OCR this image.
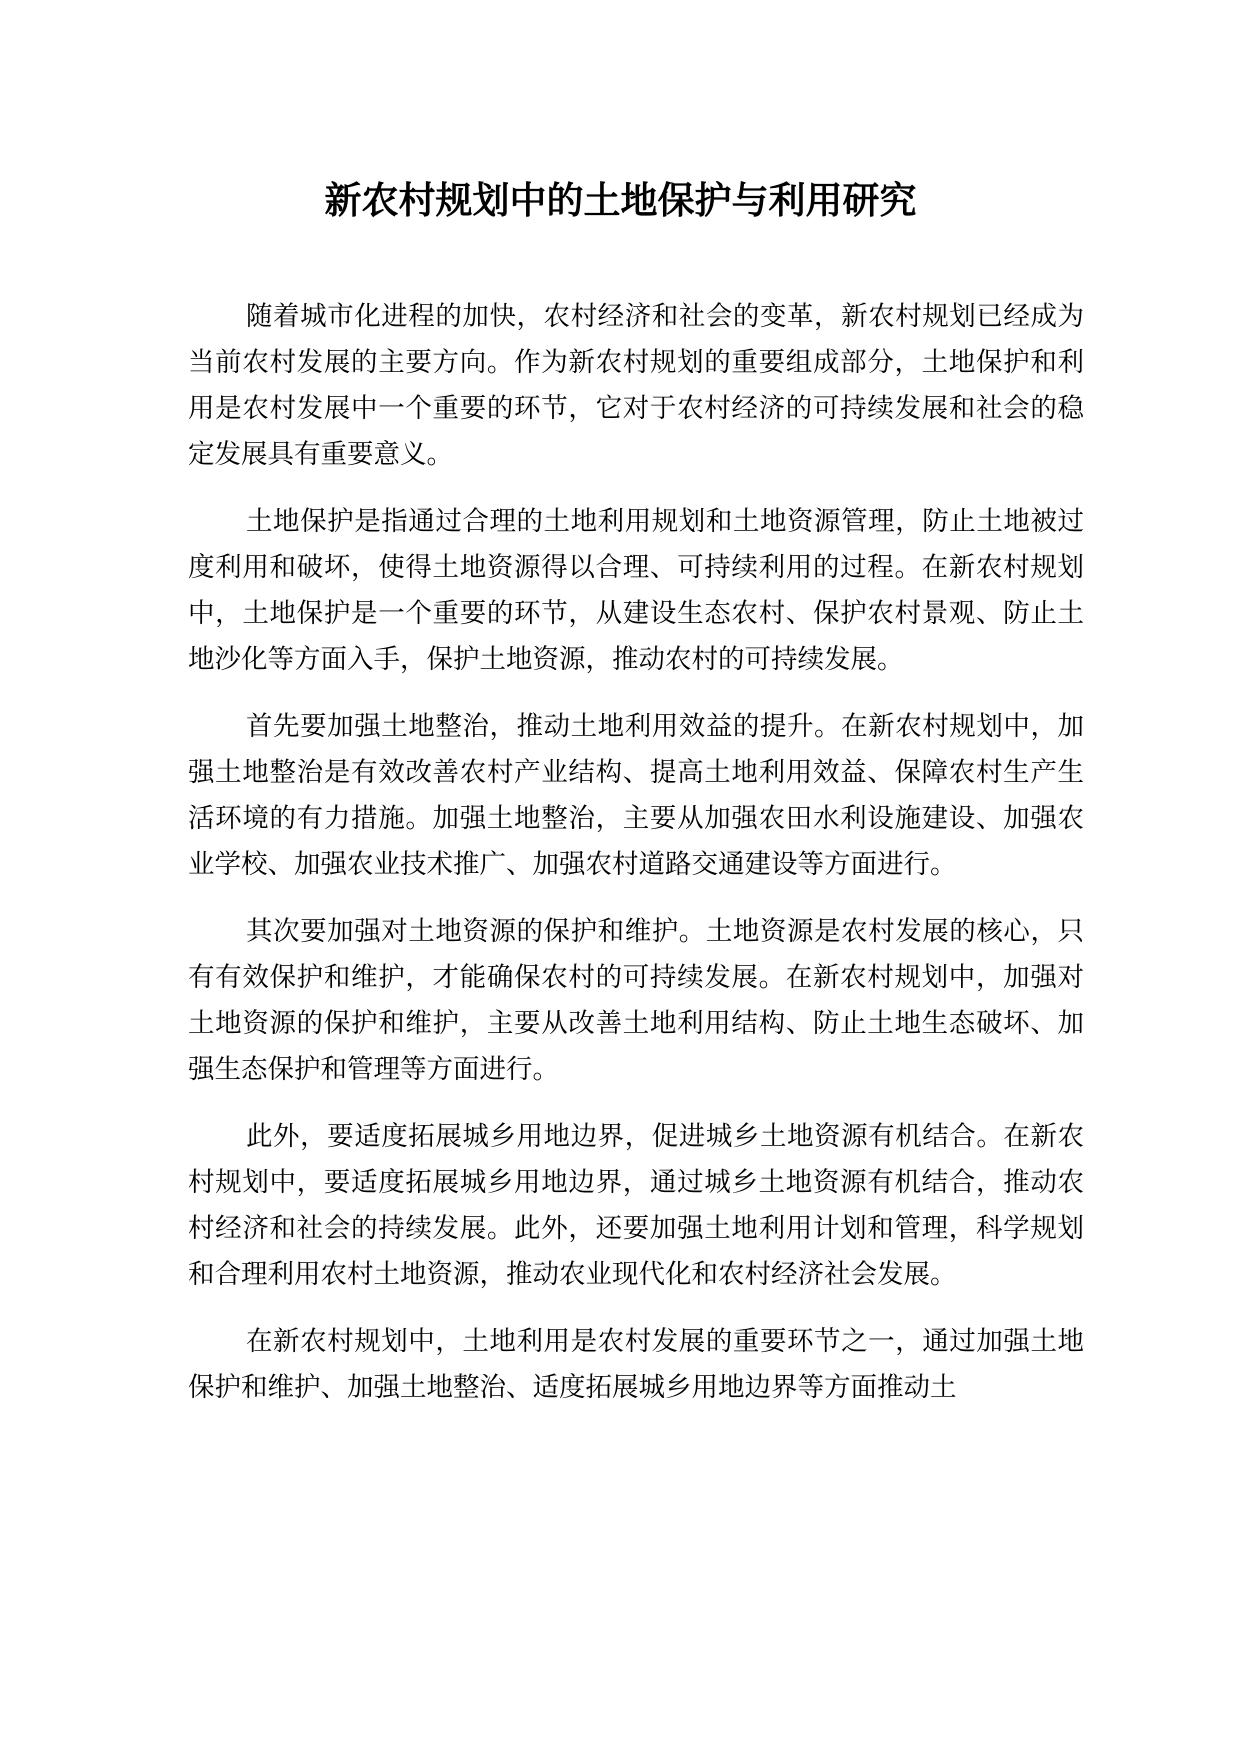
新农村规划中的土地保护与利用研究

随着城市化进程的加快，农村经济和社会的变革，新农村规划已经成为当前农村发展的主要方向。作为新农村规划的重要组成部分，土地保护和利用是农村发展中一个重要的环节，它对于农村经济的可持续发展和社会的稳定发展具有重要意义。

土地保护是指通过合理的土地利用规划和土地资源管理，防止土地被过度利用和破坏，使得土地资源得以合理、可持续利用的过程。在新农村规划中，土地保护是一个重要的环节，从建设生态农村、保护农村景观、防止土地沙化等方面入手，保护土地资源，推动农村的可持续发展。

首先要加强土地整治，推动土地利用效益的提升。在新农村规划中，加强土地整治是有效改善农村产业结构、提高土地利用效益、保障农村生产生活环境的有力措施。加强土地整治，主要从加强农田水利设施建设、加强农业学校、加强农业技术推广、加强农村道路交通建设等方面进行。

其次要加强对土地资源的保护和维护。土地资源是农村发展的核心，只有有效保护和维护，才能确保农村的可持续发展。在新农村规划中，加强对土地资源的保护和维护，主要从改善土地利用结构、防止土地生态破坏、加强生态保护和管理等方面进行。

此外，要适度拓展城乡用地边界，促进城乡土地资源有机结合。在新农村规划中，要适度拓展城乡用地边界，通过城乡土地资源有机结合，推动农村经济和社会的持续发展。此外，还要加强土地利用计划和管理，科学规划和合理利用农村土地资源，推动农业现代化和农村经济社会发展。

在新农村规划中，土地利用是农村发展的重要环节之一，通过加强土地保护和维护、加强土地整治、适度拓展城乡用地边界等方面推动土
